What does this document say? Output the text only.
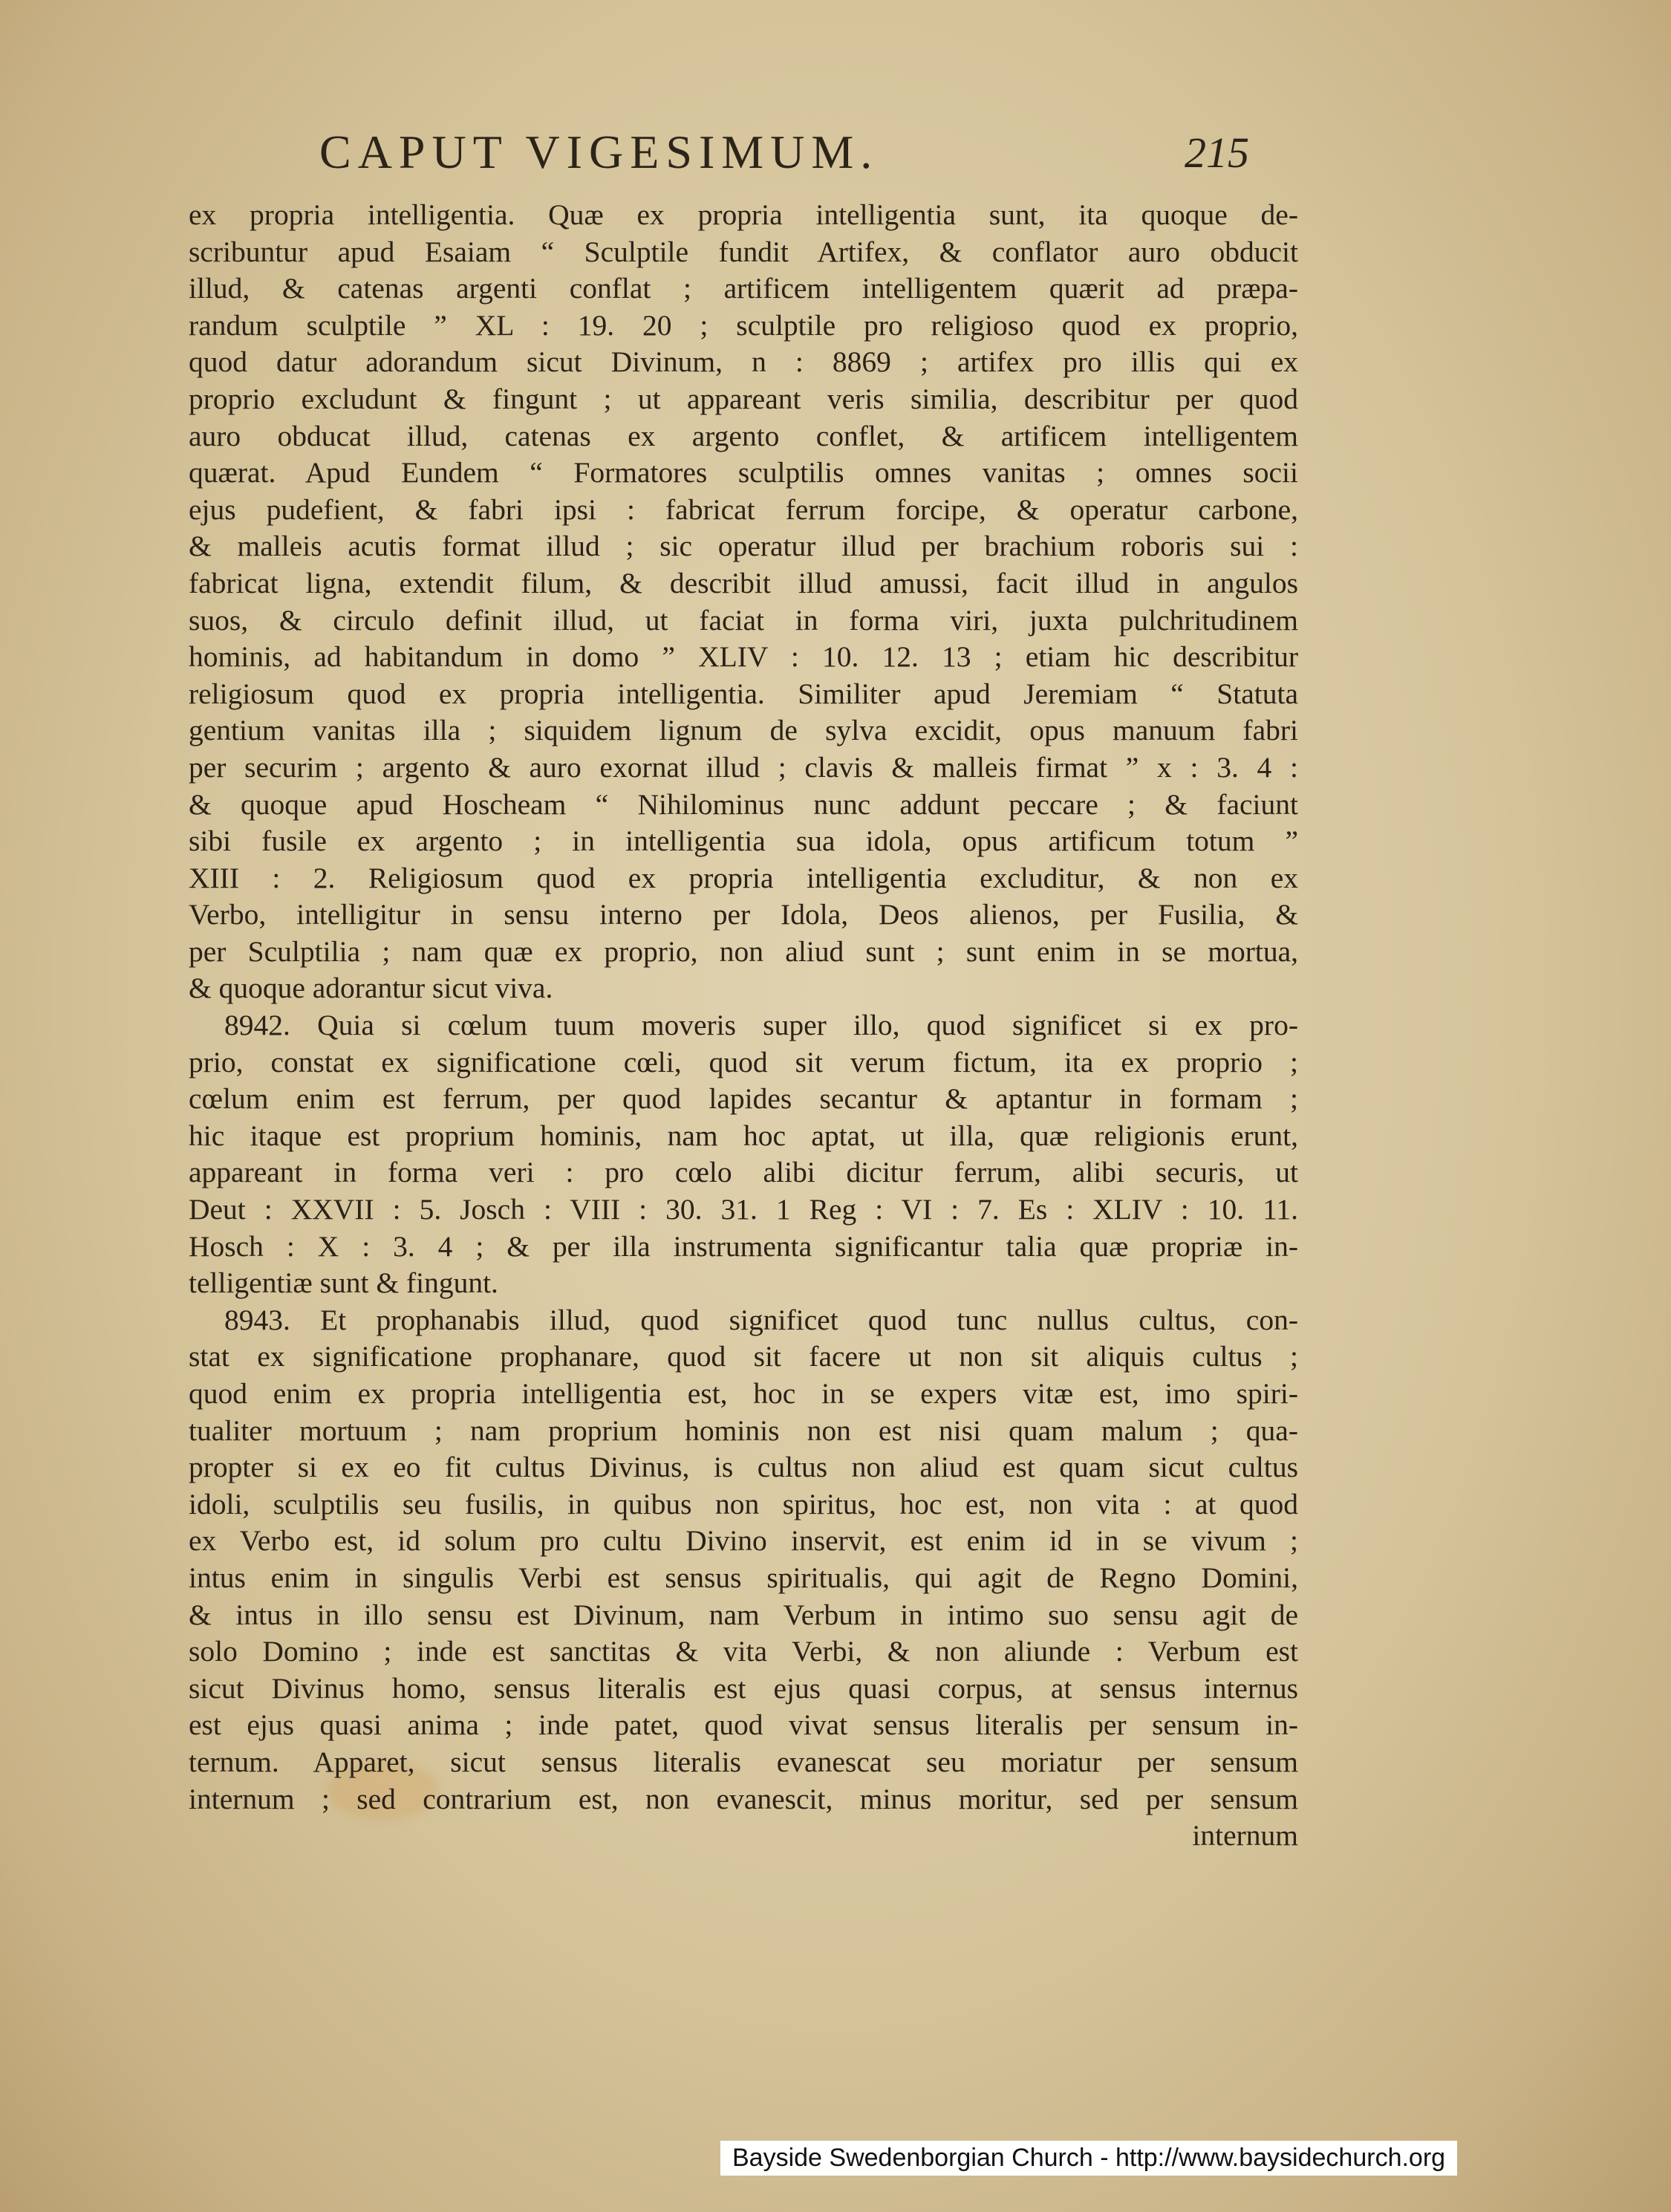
CAPUT VIGESIMUM.	215
ex propria intelligentia. Quæ ex propria intelligentia sunt, ita quoque de-
scribuntur apud Esaiam “ Sculptile fundit Artifex, & conflator auro obducit
illud, & catenas argenti conflat ; artificem intelligentem quærit ad præpa-
randum sculptile ” XL : 19. 20 ; sculptile pro religioso quod ex proprio,
quod datur adorandum sicut Divinum, n : 8869 ; artifex pro illis qui ex
proprio excludunt & fingunt ; ut appareant veris similia, describitur per quod
auro obducat illud, catenas ex argento conflet, & artificem intelligentem
quærat. Apud Eundem “ Formatores sculptilis omnes vanitas ; omnes socii
ejus pudefient, & fabri ipsi : fabricat ferrum forcipe, & operatur carbone,
& malleis acutis format illud ; sic operatur illud per brachium roboris sui :
fabricat ligna, extendit filum, & describit illud amussi, facit illud in angulos
suos, & circulo definit illud, ut faciat in forma viri, juxta pulchritudinem
hominis, ad habitandum in domo ” XLIV : 10. 12. 13 ; etiam hic describitur
religiosum quod ex propria intelligentia. Similiter apud Jeremiam “ Statuta
gentium vanitas illa ; siquidem lignum de sylva excidit, opus manuum fabri
per securim ; argento & auro exornat illud ; clavis & malleis firmat ” x : 3. 4 :
& quoque apud Hoscheam “ Nihilominus nunc addunt peccare ; & faciunt
sibi fusile ex argento ; in intelligentia sua idola, opus artificum totum ”
XIII : 2. Religiosum quod ex propria intelligentia excluditur, & non ex
Verbo, intelligitur in sensu interno per Idola, Deos alienos, per Fusilia, &
per Sculptilia ; nam quæ ex proprio, non aliud sunt ; sunt enim in se mortua,
& quoque adorantur sicut viva.
8942. Quia si cœlum tuum moveris super illo, quod significet si ex pro-
prio, constat ex significatione cœli, quod sit verum fictum, ita ex proprio ;
cœlum enim est ferrum, per quod lapides secantur & aptantur in formam ;
hic itaque est proprium hominis, nam hoc aptat, ut illa, quæ religionis erunt,
appareant in forma veri : pro cœlo alibi dicitur ferrum, alibi securis, ut
Deut : XXVII : 5. Josch : VIII : 30. 31. 1 Reg : VI : 7. Es : XLIV : 10. 11.
Hosch : X : 3. 4 ; & per illa instrumenta significantur talia quæ propriæ in-
telligentiæ sunt & fingunt.
8943. Et prophanabis illud, quod significet quod tunc nullus cultus, con-
stat ex significatione prophanare, quod sit facere ut non sit aliquis cultus ;
quod enim ex propria intelligentia est, hoc in se expers vitæ est, imo spiri-
tualiter mortuum ; nam proprium hominis non est nisi quam malum ; qua-
propter si ex eo fit cultus Divinus, is cultus non aliud est quam sicut cultus
idoli, sculptilis seu fusilis, in quibus non spiritus, hoc est, non vita : at quod
ex Verbo est, id solum pro cultu Divino inservit, est enim id in se vivum ;
intus enim in singulis Verbi est sensus spiritualis, qui agit de Regno Domini,
& intus in illo sensu est Divinum, nam Verbum in intimo suo sensu agit de
solo Domino ; inde est sanctitas & vita Verbi, & non aliunde : Verbum est
sicut Divinus homo, sensus literalis est ejus quasi corpus, at sensus internus
est ejus quasi anima ; inde patet, quod vivat sensus literalis per sensum in-
ternum. Apparet, sicut sensus literalis evanescat seu moriatur per sensum
internum ; sed contrarium est, non evanescit, minus moritur, sed per sensum
internum
Bayside Swedenborgian Church - http://www.baysidechurch.org
